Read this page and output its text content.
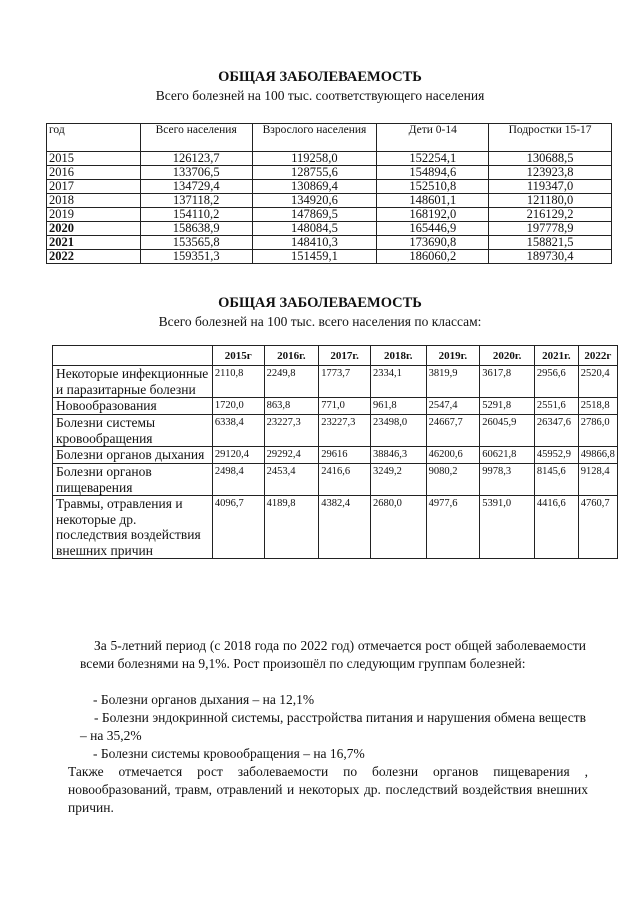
ОБЩАЯ ЗАБОЛЕВАЕМОСТЬ
Всего болезней на 100 тыс. соответствующего населения
год	Всего населения	Взрослого населения	Дети 0-14	Подростки 15-17
2015	126123,7	119258,0	152254,1	130688,5
2016	133706,5	128755,6	154894,6	123923,8
2017	134729,4	130869,4	152510,8	119347,0
2018	137118,2	134920,6	148601,1	121180,0
2019	154110,2	147869,5	168192,0	216129,2
2020	158638,9	148084,5	165446,9	197778,9
2021	153565,8	148410,3	173690,8	158821,5
2022	159351,3	151459,1	186060,2	189730,4
ОБЩАЯ ЗАБОЛЕВАЕМОСТЬ
Всего болезней на 100 тыс. всего населения по классам:
	2015г	2016г.	2017г.	2018г.	2019г.	2020г.	2021г.	2022г
Некоторые инфекционные и паразитарные болезни	2110,8	2249,8	1773,7	2334,1	3819,9	3617,8	2956,6	2520,4
Новообразования	1720,0	863,8	771,0	961,8	2547,4	5291,8	2551,6	2518,8
Болезни системы кровообращения	6338,4	23227,3	23227,3	23498,0	24667,7	26045,9	26347,6	2786,0
Болезни органов дыхания	29120,4	29292,4	29616	38846,3	46200,6	60621,8	45952,9	49866,8
Болезни органов пищеварения	2498,4	2453,4	2416,6	3249,2	9080,2	9978,3	8145,6	9128,4
Травмы, отравления и некоторые др. последствия воздействия внешних причин	4096,7	4189,8	4382,4	2680,0	4977,6	5391,0	4416,6	4760,7
За 5-летний период (с 2018 года по 2022 год) отмечается рост общей заболеваемости всеми болезнями на 9,1%. Рост произошёл по следующим группам болезней:
- Болезни органов дыхания – на 12,1%
- Болезни эндокринной системы, расстройства питания и нарушения обмена веществ – на 35,2%
- Болезни системы кровообращения – на 16,7%
Также отмечается рост заболеваемости по болезни органов пищеварения , новообразований, травм, отравлений и некоторых др. последствий воздействия внешних причин.
